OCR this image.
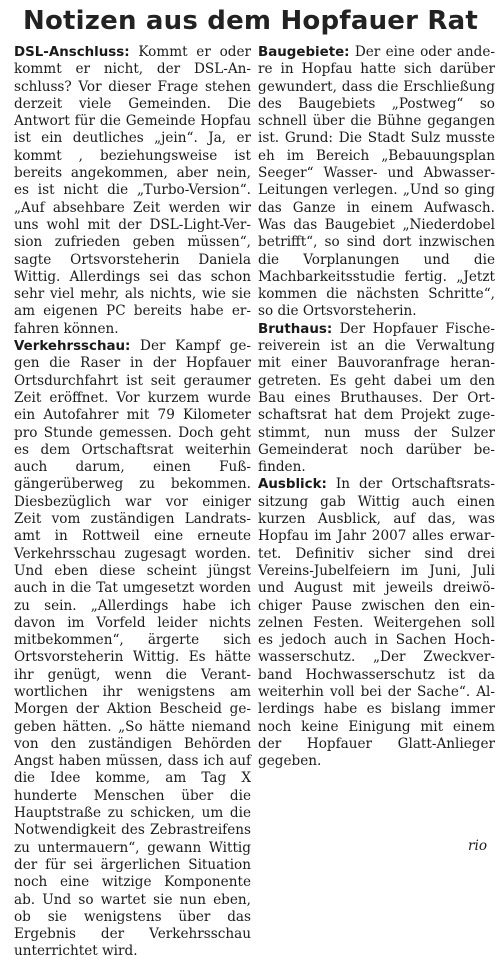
Notizen aus dem Hopfauer Rat

DSL-Anschluss: Kommt er oder kommt er nicht, der DSL-Anschluss? Vor dieser Frage stehen derzeit viele Gemeinden. Die Antwort für die Gemeinde Hopfau ist ein deutliches „jein“. Ja, er kommt , beziehungsweise ist bereits angekommen, aber nein, es ist nicht die „Turbo-Version“. „Auf absehbare Zeit werden wir uns wohl mit der DSL-Light-Version zufrieden geben müssen“, sagte Ortsvorsteherin Daniela Wittig. Allerdings sei das schon sehr viel mehr, als nichts, wie sie am eigenen PC bereits habe erfahren können.

Verkehrsschau: Der Kampf gegen die Raser in der Hopfauer Ortsdurchfahrt ist seit geraumer Zeit eröffnet. Vor kurzem wurde ein Autofahrer mit 79 Kilometer pro Stunde gemessen. Doch geht es dem Ortschaftsrat weiterhin auch darum, einen Fußgängerüberweg zu bekommen. Diesbezüglich war vor einiger Zeit vom zuständigen Landratsamt in Rottweil eine erneute Verkehrsschau zugesagt worden. Und eben diese scheint jüngst auch in die Tat umgesetzt worden zu sein. „Allerdings habe ich davon im Vorfeld leider nichts mitbekommen“, ärgerte sich Ortsvorsteherin Wittig. Es hätte ihr genügt, wenn die Verantwortlichen ihr wenigstens am Morgen der Aktion Bescheid gegeben hätten. „So hätte niemand von den zuständigen Behörden Angst haben müssen, dass ich auf die Idee komme, am Tag X hunderte Menschen über die Hauptstraße zu schicken, um die Notwendigkeit des Zebrastreifens zu untermauern“, gewann Wittig der für sei ärgerlichen Situation noch eine witzige Komponente ab. Und so wartet sie nun eben, ob sie wenigstens über das Ergebnis der Verkehrsschau unterrichtet wird.

Baugebiete: Der eine oder andere in Hopfau hatte sich darüber gewundert, dass die Erschließung des Baugebiets „Postweg“ so schnell über die Bühne gegangen ist. Grund: Die Stadt Sulz musste eh im Bereich „Bebauungsplan Seeger“ Wasser- und Abwasser-Leitungen verlegen. „Und so ging das Ganze in einem Aufwasch. Was das Baugebiet „Niederdobel betrifft“, so sind dort inzwischen die Vorplanungen und die Machbarkeitsstudie fertig. „Jetzt kommen die nächsten Schritte“, so die Ortsvorsteherin.

Bruthaus: Der Hopfauer Fischereiverein ist an die Verwaltung mit einer Bauvoranfrage herangetreten. Es geht dabei um den Bau eines Bruthauses. Der Ortschaftsrat hat dem Projekt zugestimmt, nun muss der Sulzer Gemeinderat noch darüber befinden.

Ausblick: In der Ortschaftsratssitzung gab Wittig auch einen kurzen Ausblick, auf das, was Hopfau im Jahr 2007 alles erwartet. Definitiv sicher sind drei Vereins-Jubelfeiern im Juni, Juli und August mit jeweils dreiwöchiger Pause zwischen den einzelnen Festen. Weitergehen soll es jedoch auch in Sachen Hochwasserschutz. „Der Zweckverband Hochwasserschutz ist da weiterhin voll bei der Sache“. Allerdings habe es bislang immer noch keine Einigung mit einem der Hopfauer Glatt-Anlieger gegeben.

rio
